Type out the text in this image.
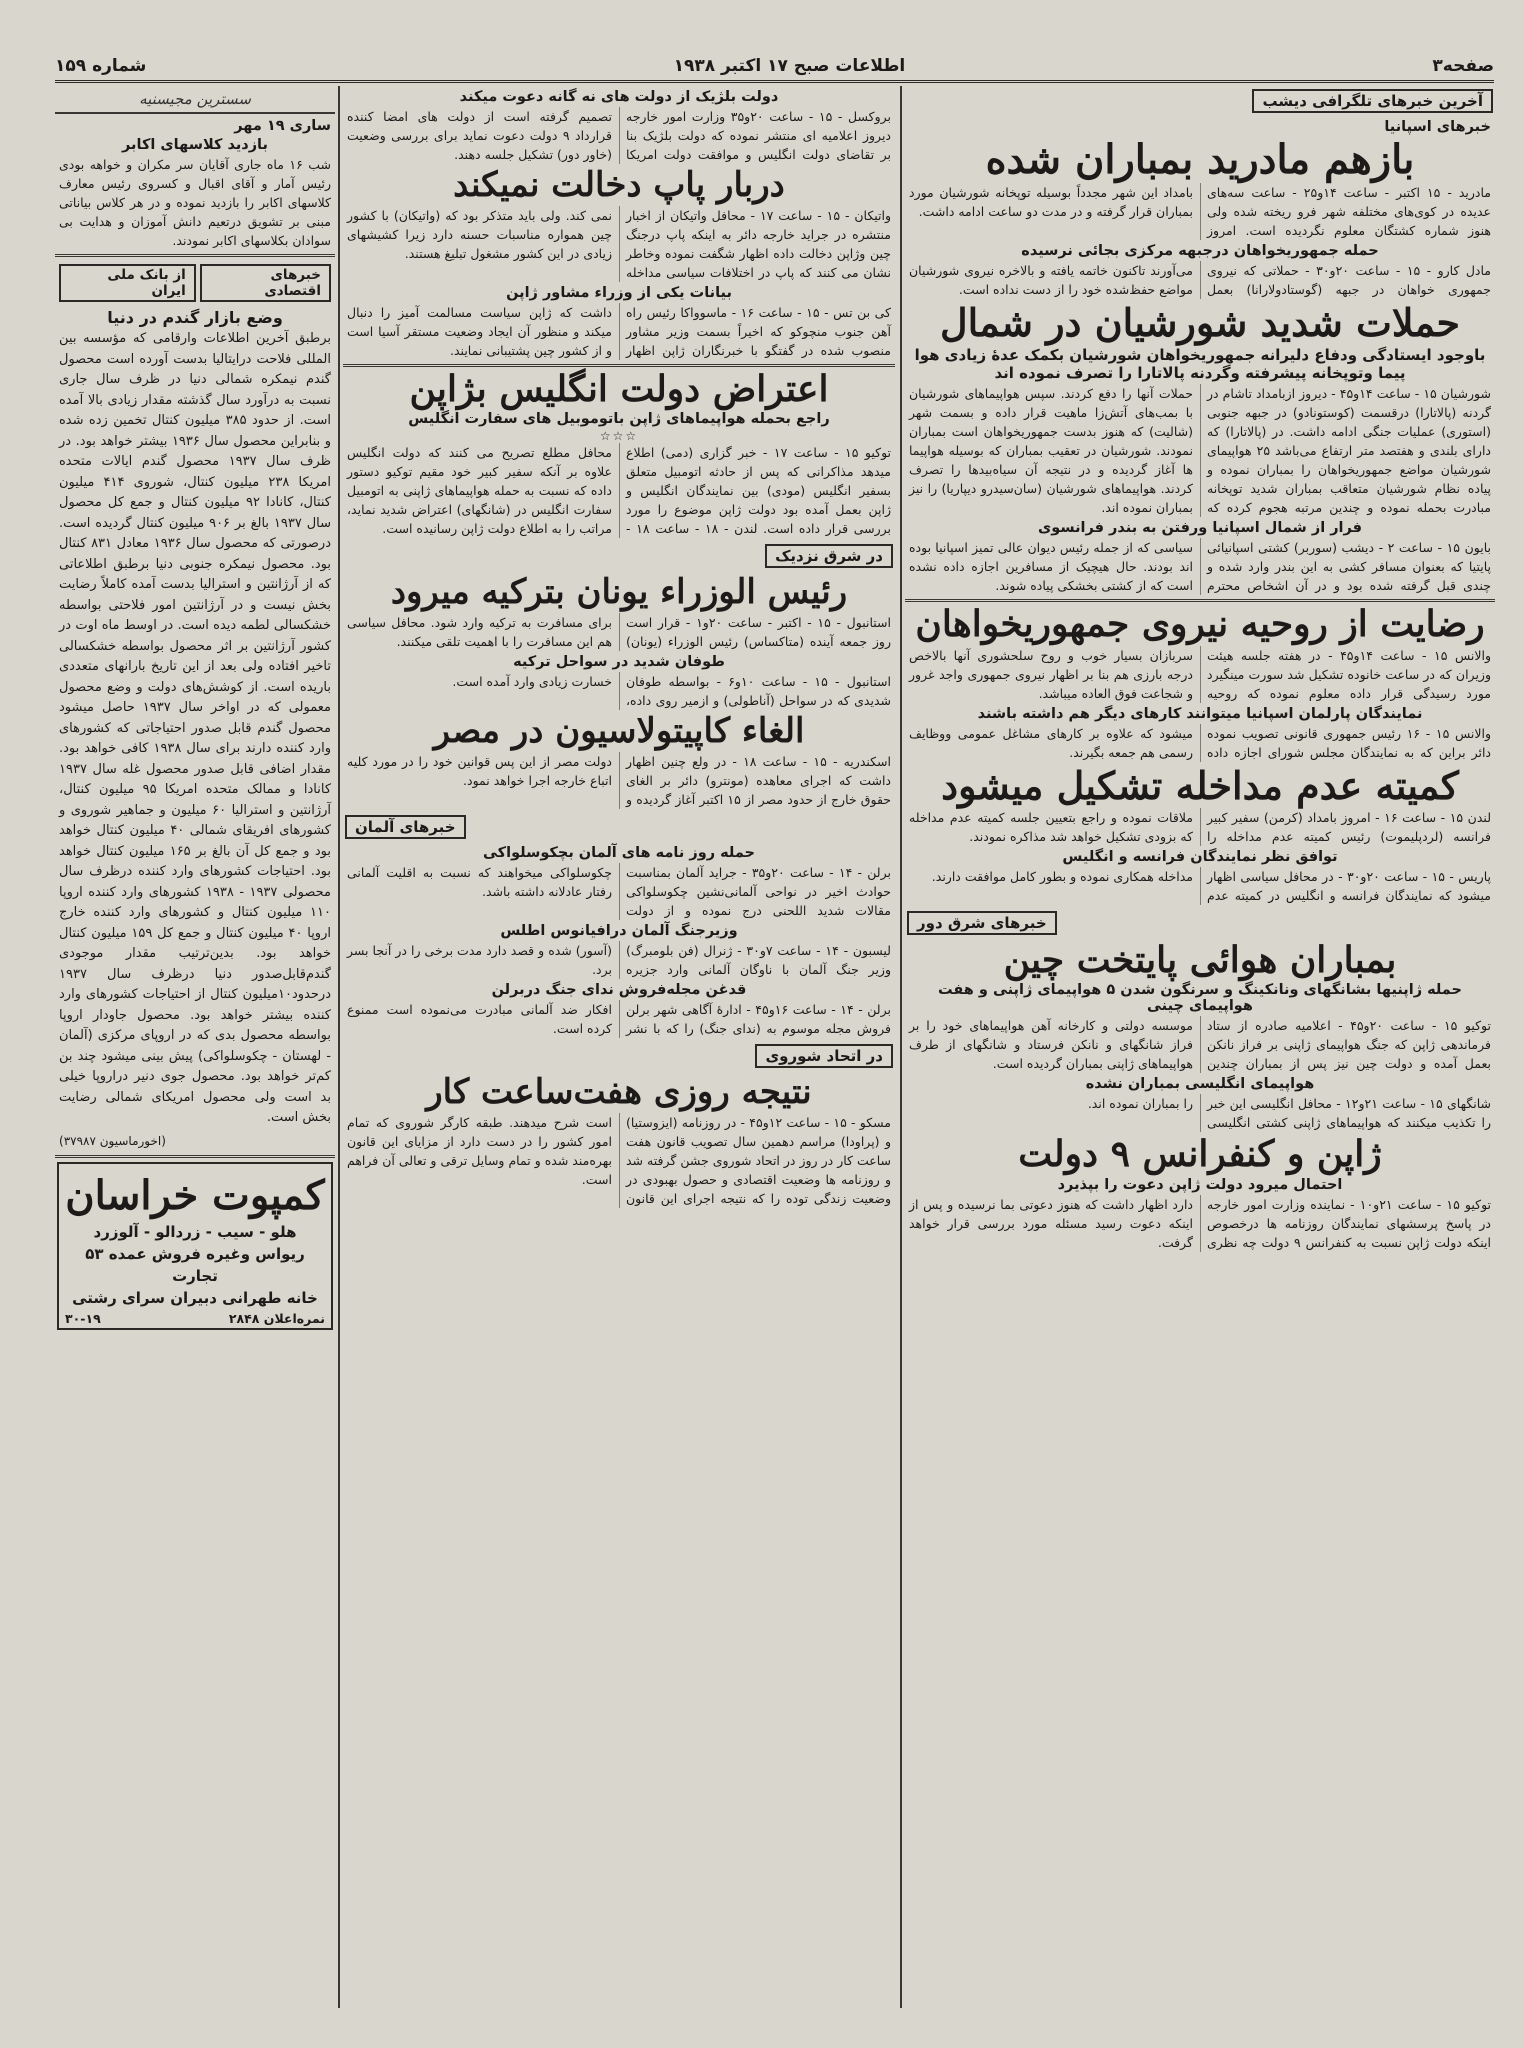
صفحه۳
اطلاعات صبح ۱۷ اکتبر ۱۹۳۸
شماره ۱۵۹
آخرین خبرهای تلگرافی دیشب
خبرهای اسپانیا
بازهم مادرید بمباران شده
مادرید - ۱۵ اکتبر - ساعت ۱۴و۲۵ - ساعت سه‌های عدیده در کوی‌های مختلفه شهر فرو ریخته شده ولی هنوز شماره کشتگان معلوم نگردیده است. امروز بامداد این شهر مجدداً بوسیله توپخانه شورشیان مورد بمباران قرار گرفته و در مدت دو ساعت ادامه داشت.
حمله جمهوریخواهان درجبهه مرکزی بجائی نرسیده
مادل کارو - ۱۵ - ساعت ۲۰و۳۰ - حملاتی که نیروی جمهوری خواهان در جبهه (گوستادولارانا) بعمل می‌آورند تاکنون خاتمه یافته و بالاخره نیروی شورشیان مواضع حفظ‌شده خود را از دست نداده است.
حملات شدید شورشیان در شمال
باوجود ایستادگی ودفاع دلیرانه جمهوریخواهان شورشیان بکمک عدۀ زیادی هوا پیما وتوپخانه پیشرفته وگردنه پالاتارا را تصرف نموده اند
شورشیان ۱۵ - ساعت ۱۴و۴۵ - دیروز ازبامداد تاشام در گردنه (پالاتارا) درقسمت (کوستونادو) در جبهه جنوبی (استوری) عملیات جنگی ادامه داشت. در (پالاتارا) که دارای بلندی و هفتصد متر ارتفاع می‌باشد ۲۵ هواپیمای شورشیان مواضع جمهوریخواهان را بمباران نموده و پیاده نظام شورشیان متعاقب بمباران شدید توپخانه مبادرت بحمله نموده و چندین مرتبه هجوم کرده که حملات آنها را دفع کردند. سپس هواپیماهای شورشیان با بمب‌های آتش‌زا ماهیت قرار داده و بسمت شهر (شالیت) که هنوز بدست جمهوریخواهان است بمباران نمودند. شورشیان در تعقیب بمباران که بوسیله هواپیما ها آغاز گردیده و در نتیجه آن سیاه‌بیدها را تصرف کردند. هواپیماهای شورشیان (سان‌سیدرو دیپاریا) را نیز بمباران نموده اند.
فرار از شمال اسپانیا ورفتن به بندر فرانسوی
بایون ۱۵ - ساعت ۲ - دیشب (سوربر) کشتی اسپانیائی پایتیا که بعنوان مسافر کشی به این بندر وارد شده و چندی قبل گرفته شده بود و در آن اشخاص محترم سیاسی که از جمله رئیس دیوان عالی تمیز اسپانیا بوده اند بودند. حال هیچیک از مسافرین اجازه داده نشده است که از کشتی بخشکی پیاده شوند.
رضایت از روحیه نیروی جمهوریخواهان
والانس ۱۵ - ساعت ۱۴و۴۵ - در هفته جلسه هیئت وزیران که در ساعت خانوده تشکیل شد سورت مینگیرد مورد رسیدگی قرار داده معلوم نموده که روحیه سربازان بسیار خوب و روح سلحشوری آنها بالاخص درجه بارزی هم بنا بر اظهار نیروی جمهوری واجد غرور و شجاعت فوق العاده میباشد.
نمایندگان پارلمان اسپانیا میتوانند کارهای دیگر هم داشته باشند
والانس ۱۵ - ۱۶ رئیس جمهوری قانونی تصویب نموده دائر براین که به نمایندگان مجلس شورای اجازه داده میشود که علاوه بر کارهای مشاغل عمومی ووظایف رسمی هم جمعه بگیرند.
کمیته عدم مداخله تشکیل میشود
لندن ۱۵ - ساعت ۱۶ - امروز بامداد (کرمن) سفیر کبیر فرانسه (لردپلیموت) رئیس کمیته عدم مداخله را ملاقات نموده و راجع بتعیین جلسه کمیته عدم مداخله که بزودی تشکیل خواهد شد مذاکره نمودند.
توافق نظر نمایندگان فرانسه و انگلیس
پاریس - ۱۵ - ساعت ۲۰و۳۰ - در محافل سیاسی اظهار میشود که نمایندگان فرانسه و انگلیس در کمیته عدم مداخله همکاری نموده و بطور کامل موافقت دارند.
خبرهای شرق دور
بمباران هوائی پایتخت چین
حمله ژاپنیها بشانگهای ونانکینگ و سرنگون شدن ۵ هواپیمای ژاپنی و هفت هواپیمای چینی
توکیو ۱۵ - ساعت ۲۰و۴۵ - اعلامیه صادره از ستاد فرماندهی ژاپن که جنگ هواپیمای ژاپنی بر فراز نانکن بعمل آمده و دولت چین نیز پس از بمباران چندین موسسه دولتی و کارخانه آهن هواپیماهای خود را بر فراز شانگهای و نانکن فرستاد و شانگهای از طرف هواپیماهای ژاپنی بمباران گردیده است.
هواپیمای انگلیسی بمباران نشده
شانگهای ۱۵ - ساعت ۲۱و۱۲ - محافل انگلیسی این خبر را تکذیب میکنند که هواپیماهای ژاپنی کشتی انگلیسی را بمباران نموده اند.
ژاپن و کنفرانس ۹ دولت
احتمال میرود دولت ژاپن دعوت را بپذیرد
توکیو ۱۵ - ساعت ۲۱و۱۰ - نماینده وزارت امور خارجه در پاسخ پرسشهای نمایندگان روزنامه ها درخصوص اینکه دولت ژاپن نسبت به کنفرانس ۹ دولت چه نظری دارد اظهار داشت که هنوز دعوتی بما نرسیده و پس از اینکه دعوت رسید مسئله مورد بررسی قرار خواهد گرفت.
دولت بلژیک از دولت های نه گانه دعوت میکند
بروکسل - ۱۵ - ساعت ۲۰و۳۵ وزارت امور خارجه دیروز اعلامیه ای منتشر نموده که دولت بلژیک بنا بر تقاضای دولت انگلیس و موافقت دولت امریکا تصمیم گرفته است از دولت های امضا کننده قرارداد ۹ دولت دعوت نماید برای بررسی وضعیت (خاور دور) تشکیل جلسه دهند.
دربار پاپ دخالت نمیکند
واتیکان - ۱۵ - ساعت ۱۷ - محافل واتیکان از اخبار منتشره در جراید خارجه دائر به اینکه پاپ درجنگ چین وژاپن دخالت داده اظهار شگفت نموده وخاطر نشان می کنند که پاپ در اختلافات سیاسی مداخله نمی کند. ولی باید متذکر بود که (واتیکان) با کشور چین همواره مناسبات حسنه دارد زیرا کشیشهای زیادی در این کشور مشغول تبلیغ هستند.
بیانات یکی از وزراء مشاور ژاپن
کی بن تس - ۱۵ - ساعت ۱۶ - ماسوواکا رئیس راه آهن جنوب منچوکو که اخیراً بسمت وزیر مشاور منصوب شده در گفتگو با خبرنگاران ژاپن اظهار داشت که ژاپن سیاست مسالمت آمیز را دنبال میکند و منظور آن ایجاد وضعیت مستقر آسیا است و از کشور چین پشتیبانی نمایند.
اعتراض دولت انگلیس بژاپن
راجع بحمله هواپیماهای ژاپن باتوموبیل های سفارت انگلیس
☆☆☆
توکیو ۱۵ - ساعت ۱۷ - خبر گزاری (دمی) اطلاع میدهد مذاکرانی که پس از حادثه اتومبیل متعلق بسفیر انگلیس (مودی) بین نمایندگان انگلیس و ژاپن بعمل آمده بود دولت ژاپن موضوع را مورد بررسی قرار داده است. لندن - ۱۸ - ساعت ۱۸ - محافل مطلع تصریح می کنند که دولت انگلیس علاوه بر آنکه سفیر کبیر خود مقیم توکیو دستور داده که نسبت به حمله هواپیماهای ژاپنی به اتومبیل سفارت انگلیس در (شانگهای) اعتراض شدید نماید، مراتب را به اطلاع دولت ژاپن رسانیده است.
در شرق نزدیک
رئیس الوزراء یونان بترکیه میرود
استانبول - ۱۵ - اکتبر - ساعت ۲۰و۱ - قرار است روز جمعه آینده (متاکساس) رئیس الوزراء (یونان) برای مسافرت به ترکیه وارد شود. محافل سیاسی هم این مسافرت را با اهمیت تلقی میکنند.
طوفان شدید در سواحل ترکیه
استانبول - ۱۵ - ساعت ۱۰و۶ - بواسطه طوفان شدیدی که در سواحل (آناطولی) و ازمیر روی داده، خسارت زیادی وارد آمده است.
الغاء کاپیتولاسیون در مصر
اسکندریه - ۱۵ - ساعت ۱۸ - در ولع چنین اظهار داشت که اجرای معاهده (مونترو) دائر بر الغای حقوق خارج از حدود مصر از ۱۵ اکتبر آغاز گردیده و دولت مصر از این پس قوانین خود را در مورد کلیه اتباع خارجه اجرا خواهد نمود.
خبرهای آلمان
حمله روز نامه های آلمان بچکوسلواکی
برلن - ۱۴ - ساعت ۲۰و۳۵ - جراید آلمان بمناسبت حوادث اخیر در نواحی آلمانی‌نشین چکوسلواکی مقالات شدید اللحنی درج نموده و از دولت چکوسلواکی میخواهند که نسبت به اقلیت آلمانی رفتار عادلانه داشته باشد.
وزیرجنگ آلمان درافیانوس اطلس
لیسبون - ۱۴ - ساعت ۷و۳۰ - ژنرال (فن بلومبرگ) وزیر جنگ آلمان با ناوگان آلمانی وارد جزیره (آسور) شده و قصد دارد مدت برخی را در آنجا بسر برد.
قدغن مجله‌فروش نداى جنگ دربرلن
برلن - ۱۴ - ساعت ۱۶و۴۵ - ادارۀ آگاهی شهر برلن فروش مجله موسوم به (ندای جنگ) را که با نشر افکار ضد آلمانی مبادرت می‌نموده است ممنوع کرده است.
در اتحاد شوروی
نتیجه روزی هفت‌ساعت کار
مسکو - ۱۵ - ساعت ۱۲و۴۵ - در روزنامه (ایزوستیا) و (پراودا) مراسم دهمین سال تصویب قانون هفت ساعت کار در روز در اتحاد شوروی جشن گرفته شد و روزنامه ها وضعیت اقتصادی و حصول بهبودی در وضعیت زندگی توده را که نتیجه اجرای این قانون است شرح میدهند. طبقه کارگر شوروی که تمام امور کشور را در دست دارد از مزایای این قانون بهره‌مند شده و تمام وسایل ترقی و تعالی آن فراهم است.
سسترین مجیسنیه
ساری ۱۹ مهر
بازدید کلاسهای اکابر
شب ۱۶ ماه جاری آقایان سر مکران و خواهه بودی رئیس آمار و آقای اقبال و کسروی رئیس معارف کلاسهای اکابر را بازدید نموده و در هر کلاس بیاناتی مبنی بر تشویق درتعیم دانش آموزان و هدایت بی سوادان بکلاسهای اکابر نمودند.
خبرهای اقتصادی
از بانک ملی ایران
وضع بازار گندم در دنیا
برطبق آخرین اطلاعات وارقامی که مؤسسه بین المللی فلاحت درایتالیا بدست آورده است محصول گندم نیمکره شمالی دنیا در ظرف سال جاری نسبت به درآورد سال گذشته مقدار زیادی بالا آمده است. از حدود ۳۸۵ میلیون کنتال تخمین زده شده و بنابراین محصول سال ۱۹۳۶ بیشتر خواهد بود. در ظرف سال ۱۹۳۷ محصول گندم ایالات متحده امریکا ۲۳۸ میلیون کنتال، شوروی ۴۱۴ میلیون کنتال، کانادا ۹۲ میلیون کنتال و جمع کل محصول سال ۱۹۳۷ بالغ بر ۹۰۶ میلیون کنتال گردیده است. درصورتی که محصول سال ۱۹۳۶ معادل ۸۳۱ کنتال بود. محصول نیمکره جنوبی دنیا برطبق اطلاعاتی که از آرژانتین و استرالیا بدست آمده کاملاً رضایت بخش نیست و در آرژانتین امور فلاحتی بواسطه خشکسالی لطمه دیده است. در اوسط ماه اوت در کشور آرژانتین بر اثر محصول بواسطه خشکسالی تاخیر افتاده ولی بعد از این تاریخ بارانهای متعددی باریده است. از کوشش‌های دولت و وضع محصول معمولی که در اواخر سال ۱۹۳۷ حاصل میشود محصول گندم قابل صدور احتیاجاتی که کشورهای وارد کننده دارند برای سال ۱۹۳۸ کافی خواهد بود. مقدار اضافی قابل صدور محصول غله سال ۱۹۳۷ کانادا و ممالک متحده امریکا ۹۵ میلیون کنتال، آرژانتین و استرالیا ۶۰ میلیون و جماهیر شوروی و کشورهای افریقای شمالی ۴۰ میلیون کنتال خواهد بود و جمع کل آن بالغ بر ۱۶۵ میلیون کنتال خواهد بود. احتیاجات کشورهای وارد کننده درظرف سال محصولی ۱۹۳۷ - ۱۹۳۸ کشورهای وارد کننده اروپا ۱۱۰ میلیون کنتال و کشورهای وارد کننده خارج اروپا ۴۰ میلیون کنتال و جمع کل ۱۵۹ میلیون کنتال خواهد بود. بدین‌ترتیب مقدار موجودی گندم‌قابل‌صدور دنیا درظرف سال ۱۹۳۷ درحدود۱۰میلیون کنتال از احتیاجات کشورهای وارد کننده بیشتر خواهد بود. محصول جاودار اروپا بواسطه محصول بدی که در اروپای مرکزی (آلمان - لهستان - چکوسلواکی) پیش بینی میشود چند بن کم‌تر خواهد بود. محصول جوی دنیر دراروپا خیلی بد است ولی محصول امریکای شمالی رضایت بخش است.
(اخورماسیون ۳۷۹۸۷)
کمپوت خراسان
هلو - سیب - زردالو - آلوزرد
ریواس وغیره فروش عمده ۵۳ تجارت
خانه طهرانی دبیران سرای رشتی
نمره‌اعلان ۲۸۴۸
۳۰-۱۹
